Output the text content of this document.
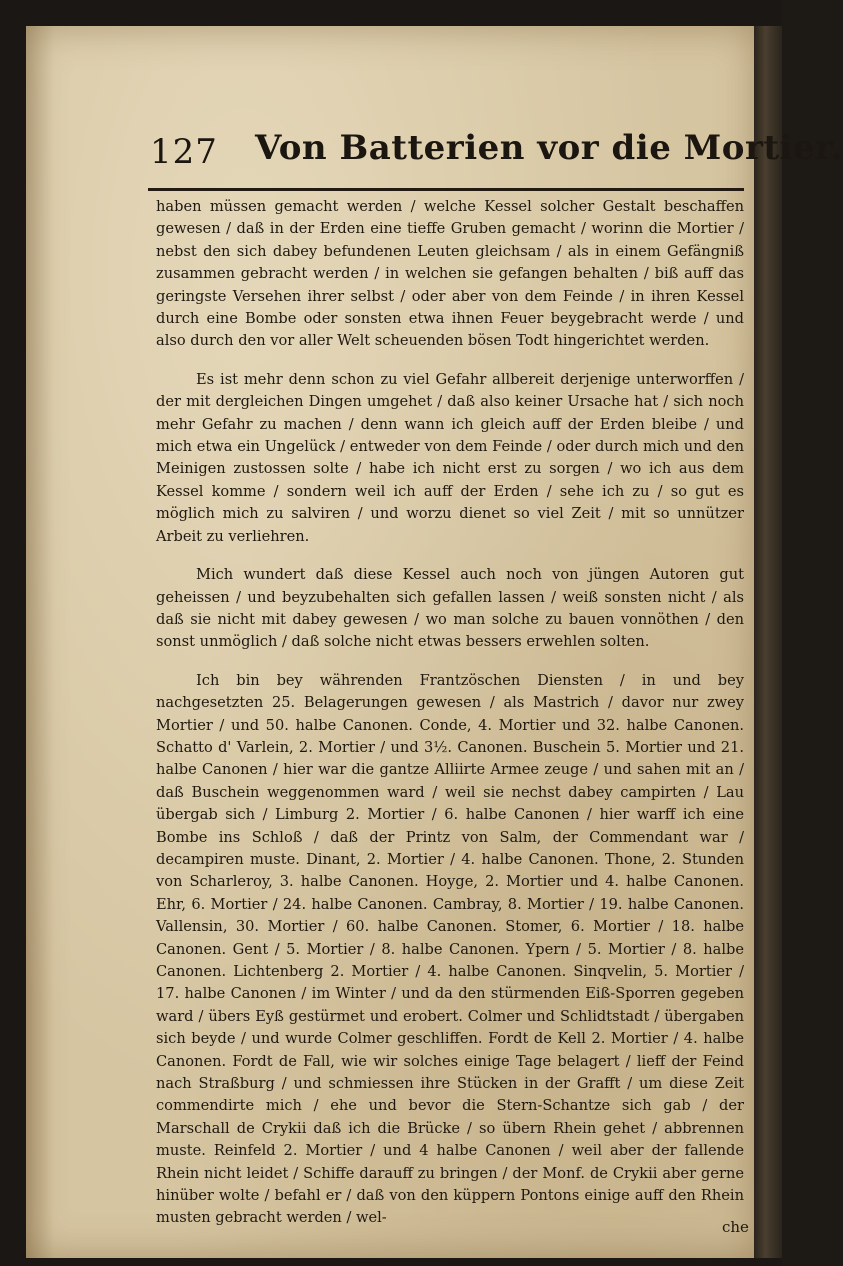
127 Von Batterien vor die Mortier.

haben müssen gemacht werden / welche Kessel solcher Gestalt beschaffen gewesen / daß in der Erden eine tieffe Gruben gemacht / worinn die Mortier / nebst den sich dabey befundenen Leuten gleichsam / als in einem Gefängniß zusammen gebracht werden / in welchen sie gefangen behalten / biß auff das geringste Versehen ihrer selbst / oder aber von dem Feinde / in ihren Kessel durch eine Bombe oder sonsten etwa ihnen Feuer beygebracht werde / und also durch den vor aller Welt scheuenden bösen Todt hingerichtet werden.

Es ist mehr denn schon zu viel Gefahr allbereit derjenige unterworffen / der mit dergleichen Dingen umgehet / daß also keiner Ursache hat / sich noch mehr Gefahr zu machen / denn wann ich gleich auff der Erden bleibe / und mich etwa ein Ungelück / entweder von dem Feinde / oder durch mich und den Meinigen zustossen solte / habe ich nicht erst zu sorgen / wo ich aus dem Kessel komme / sondern weil ich auff der Erden / sehe ich zu / so gut es möglich mich zu salviren / und worzu dienet so viel Zeit / mit so unnützer Arbeit zu verliehren.

Mich wundert daß diese Kessel auch noch von jüngen Autoren gut geheissen / und beyzubehalten sich gefallen lassen / weiß sonsten nicht / als daß sie nicht mit dabey gewesen / wo man solche zu bauen vonnöthen / den sonst unmöglich / daß solche nicht etwas bessers erwehlen solten.

Ich bin bey währenden Frantzöschen Diensten / in und bey nachgesetzten 25. Belagerungen gewesen / als Mastrich / davor nur zwey Mortier / und 50. halbe Canonen. Conde, 4. Mortier und 32. halbe Canonen. Schatto d' Varlein, 2. Mortier / und 3½. Canonen. Buschein 5. Mortier und 21. halbe Canonen / hier war die gantze Alliirte Armee zeuge / und sahen mit an / daß Buschein weggenommen ward / weil sie nechst dabey campirten / Lau übergab sich / Limburg 2. Mortier / 6. halbe Canonen / hier warff ich eine Bombe ins Schloß / daß der Printz von Salm, der Commendant war / decampiren muste. Dinant, 2. Mortier / 4. halbe Canonen. Thone, 2. Stunden von Scharleroy, 3. halbe Canonen. Hoyge, 2. Mortier und 4. halbe Canonen. Ehr, 6. Mortier / 24. halbe Canonen. Cambray, 8. Mortier / 19. halbe Canonen. Vallensin, 30. Mortier / 60. halbe Canonen. Stomer, 6. Mortier / 18. halbe Canonen. Gent / 5. Mortier / 8. halbe Canonen. Ypern / 5. Mortier / 8. halbe Canonen. Lichtenberg 2. Mortier / 4. halbe Canonen. Sinqvelin, 5. Mortier / 17. halbe Canonen / im Winter / und da den stürmenden Eiß-Sporren gegeben ward / übers Eyß gestürmet und erobert. Colmer und Schlidtstadt / übergaben sich beyde / und wurde Colmer geschliffen. Fordt de Kell 2. Mortier / 4. halbe Canonen. Fordt de Fall, wie wir solches einige Tage belagert / lieff der Feind nach Straßburg / und schmiessen ihre Stücken in der Grafft / um diese Zeit commendirte mich / ehe und bevor die Stern-Schantze sich gab / der Marschall de Crykii daß ich die Brücke / so übern Rhein gehet / abbrennen muste. Reinfeld 2. Mortier / und 4 halbe Canonen / weil aber der fallende Rhein nicht leidet / Schiffe darauff zu bringen / der Monf. de Crykii aber gerne hinüber wolte / befahl er / daß von den küppern Pontons einige auff den Rhein musten gebracht werden / wel-

che
